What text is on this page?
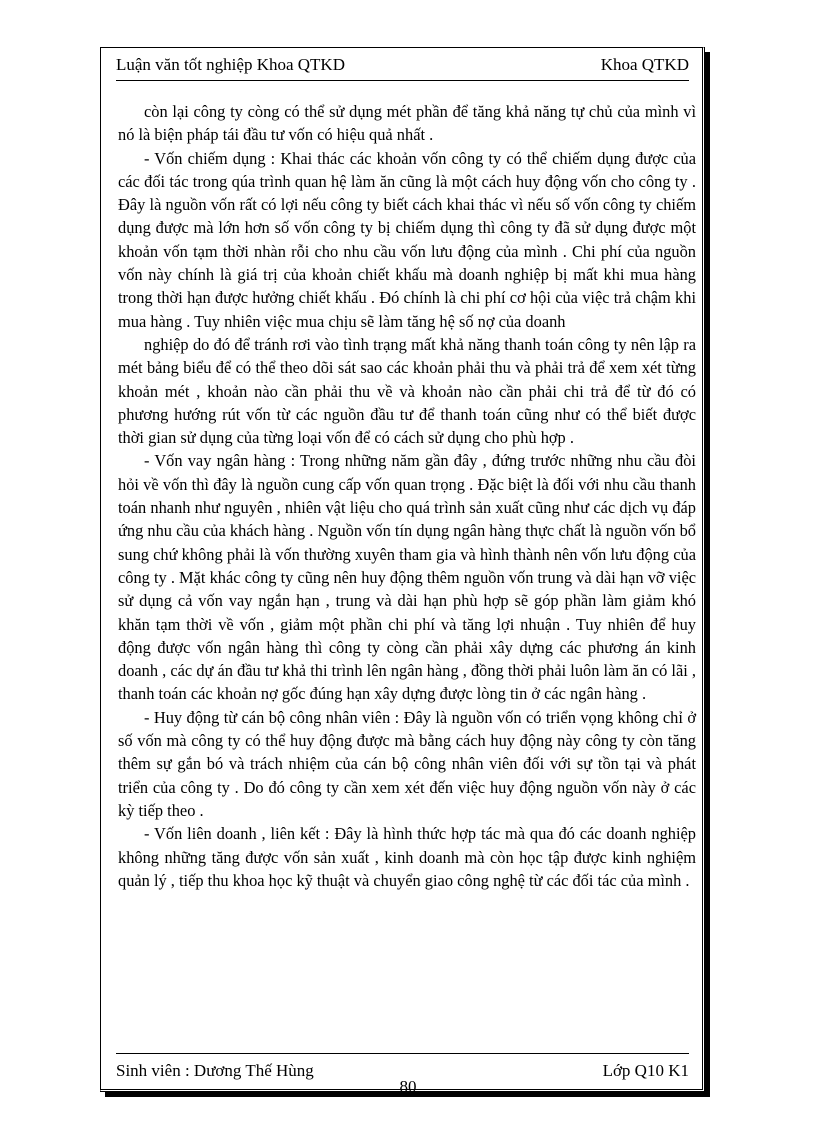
Luận văn tốt nghiệp Khoa QTKD	Khoa QTKD

còn lại công ty còng có thể sử dụng mét phần để tăng khả năng tự chủ của mình vì nó là biện pháp tái đầu tư vốn có hiệu quả nhất .

- Vốn chiếm dụng : Khai thác các khoản vốn công ty có thể chiếm dụng được của các đối tác trong qúa trình quan hệ làm ăn cũng là một cách huy động vốn cho công ty . Đây là nguồn vốn rất có lợi nếu công ty biết cách khai thác vì nếu số vốn công ty chiếm dụng được mà lớn hơn số vốn công ty bị chiếm dụng thì công ty đã sử dụng được một khoản vốn tạm thời nhàn rỗi cho nhu cầu vốn lưu động của mình . Chi phí của nguồn vốn này chính là giá trị của khoản chiết khấu mà doanh nghiệp bị mất khi mua hàng trong thời hạn được hưởng chiết khấu . Đó chính là chi phí cơ hội của việc trả chậm khi mua hàng . Tuy nhiên việc mua chịu sẽ làm tăng hệ số nợ của doanh

nghiệp do đó để tránh rơi vào tình trạng mất khả năng thanh toán công ty nên lập ra mét bảng biểu để có thể theo dõi sát sao các khoản phải thu và phải trả để xem xét từng khoản mét , khoản nào cần phải thu về và khoản nào cần phải chi trả để từ đó có phương hướng rút vốn từ các nguồn đầu tư để thanh toán cũng như có thể biết được thời gian sử dụng của từng loại vốn để có cách sử dụng cho phù hợp .

- Vốn vay ngân hàng : Trong những năm gần đây , đứng trước những nhu cầu đòi hỏi về vốn thì đây là nguồn cung cấp vốn quan trọng . Đặc biệt là đối với nhu cầu thanh toán nhanh như nguyên , nhiên vật liệu cho quá trình sản xuất cũng như các dịch vụ đáp ứng nhu cầu của khách hàng . Nguồn vốn tín dụng ngân hàng thực chất là nguồn vốn bổ sung chứ không phải là vốn thường xuyên tham gia và hình thành nên vốn lưu động của công ty . Mặt khác công ty cũng nên huy động thêm nguồn vốn trung và dài hạn vỡ việc sử dụng cả vốn vay ngắn hạn , trung và dài hạn phù hợp sẽ góp phần làm giảm khó khăn tạm thời về vốn , giảm một phần chi phí và tăng lợi nhuận . Tuy nhiên để huy động được vốn ngân hàng thì công ty còng cần phải xây dựng các phương án kinh doanh , các dự án đầu tư khả thi trình lên ngân hàng , đồng thời phải luôn làm ăn có lãi , thanh toán các khoản nợ gốc đúng hạn xây dựng được lòng tin ở các ngân hàng .

- Huy động từ cán bộ công nhân viên : Đây là nguồn vốn có triển vọng không chỉ ở số vốn mà công ty có thể huy động được mà bằng cách huy động này công ty còn tăng thêm sự gắn bó và trách nhiệm của cán bộ công nhân viên đối với sự tồn tại và phát triển của công ty . Do đó công ty cần xem xét đến việc huy động nguồn vốn này ở các kỳ tiếp theo .

- Vốn liên doanh , liên kết : Đây là hình thức hợp tác mà qua đó các doanh nghiệp không những tăng được vốn sản xuất , kinh doanh mà còn học tập được kinh nghiệm quản lý , tiếp thu khoa học kỹ thuật và chuyển giao công nghệ từ các đối tác của mình .

Sinh viên : Dương Thế Hùng	Lớp Q10 K1
80
